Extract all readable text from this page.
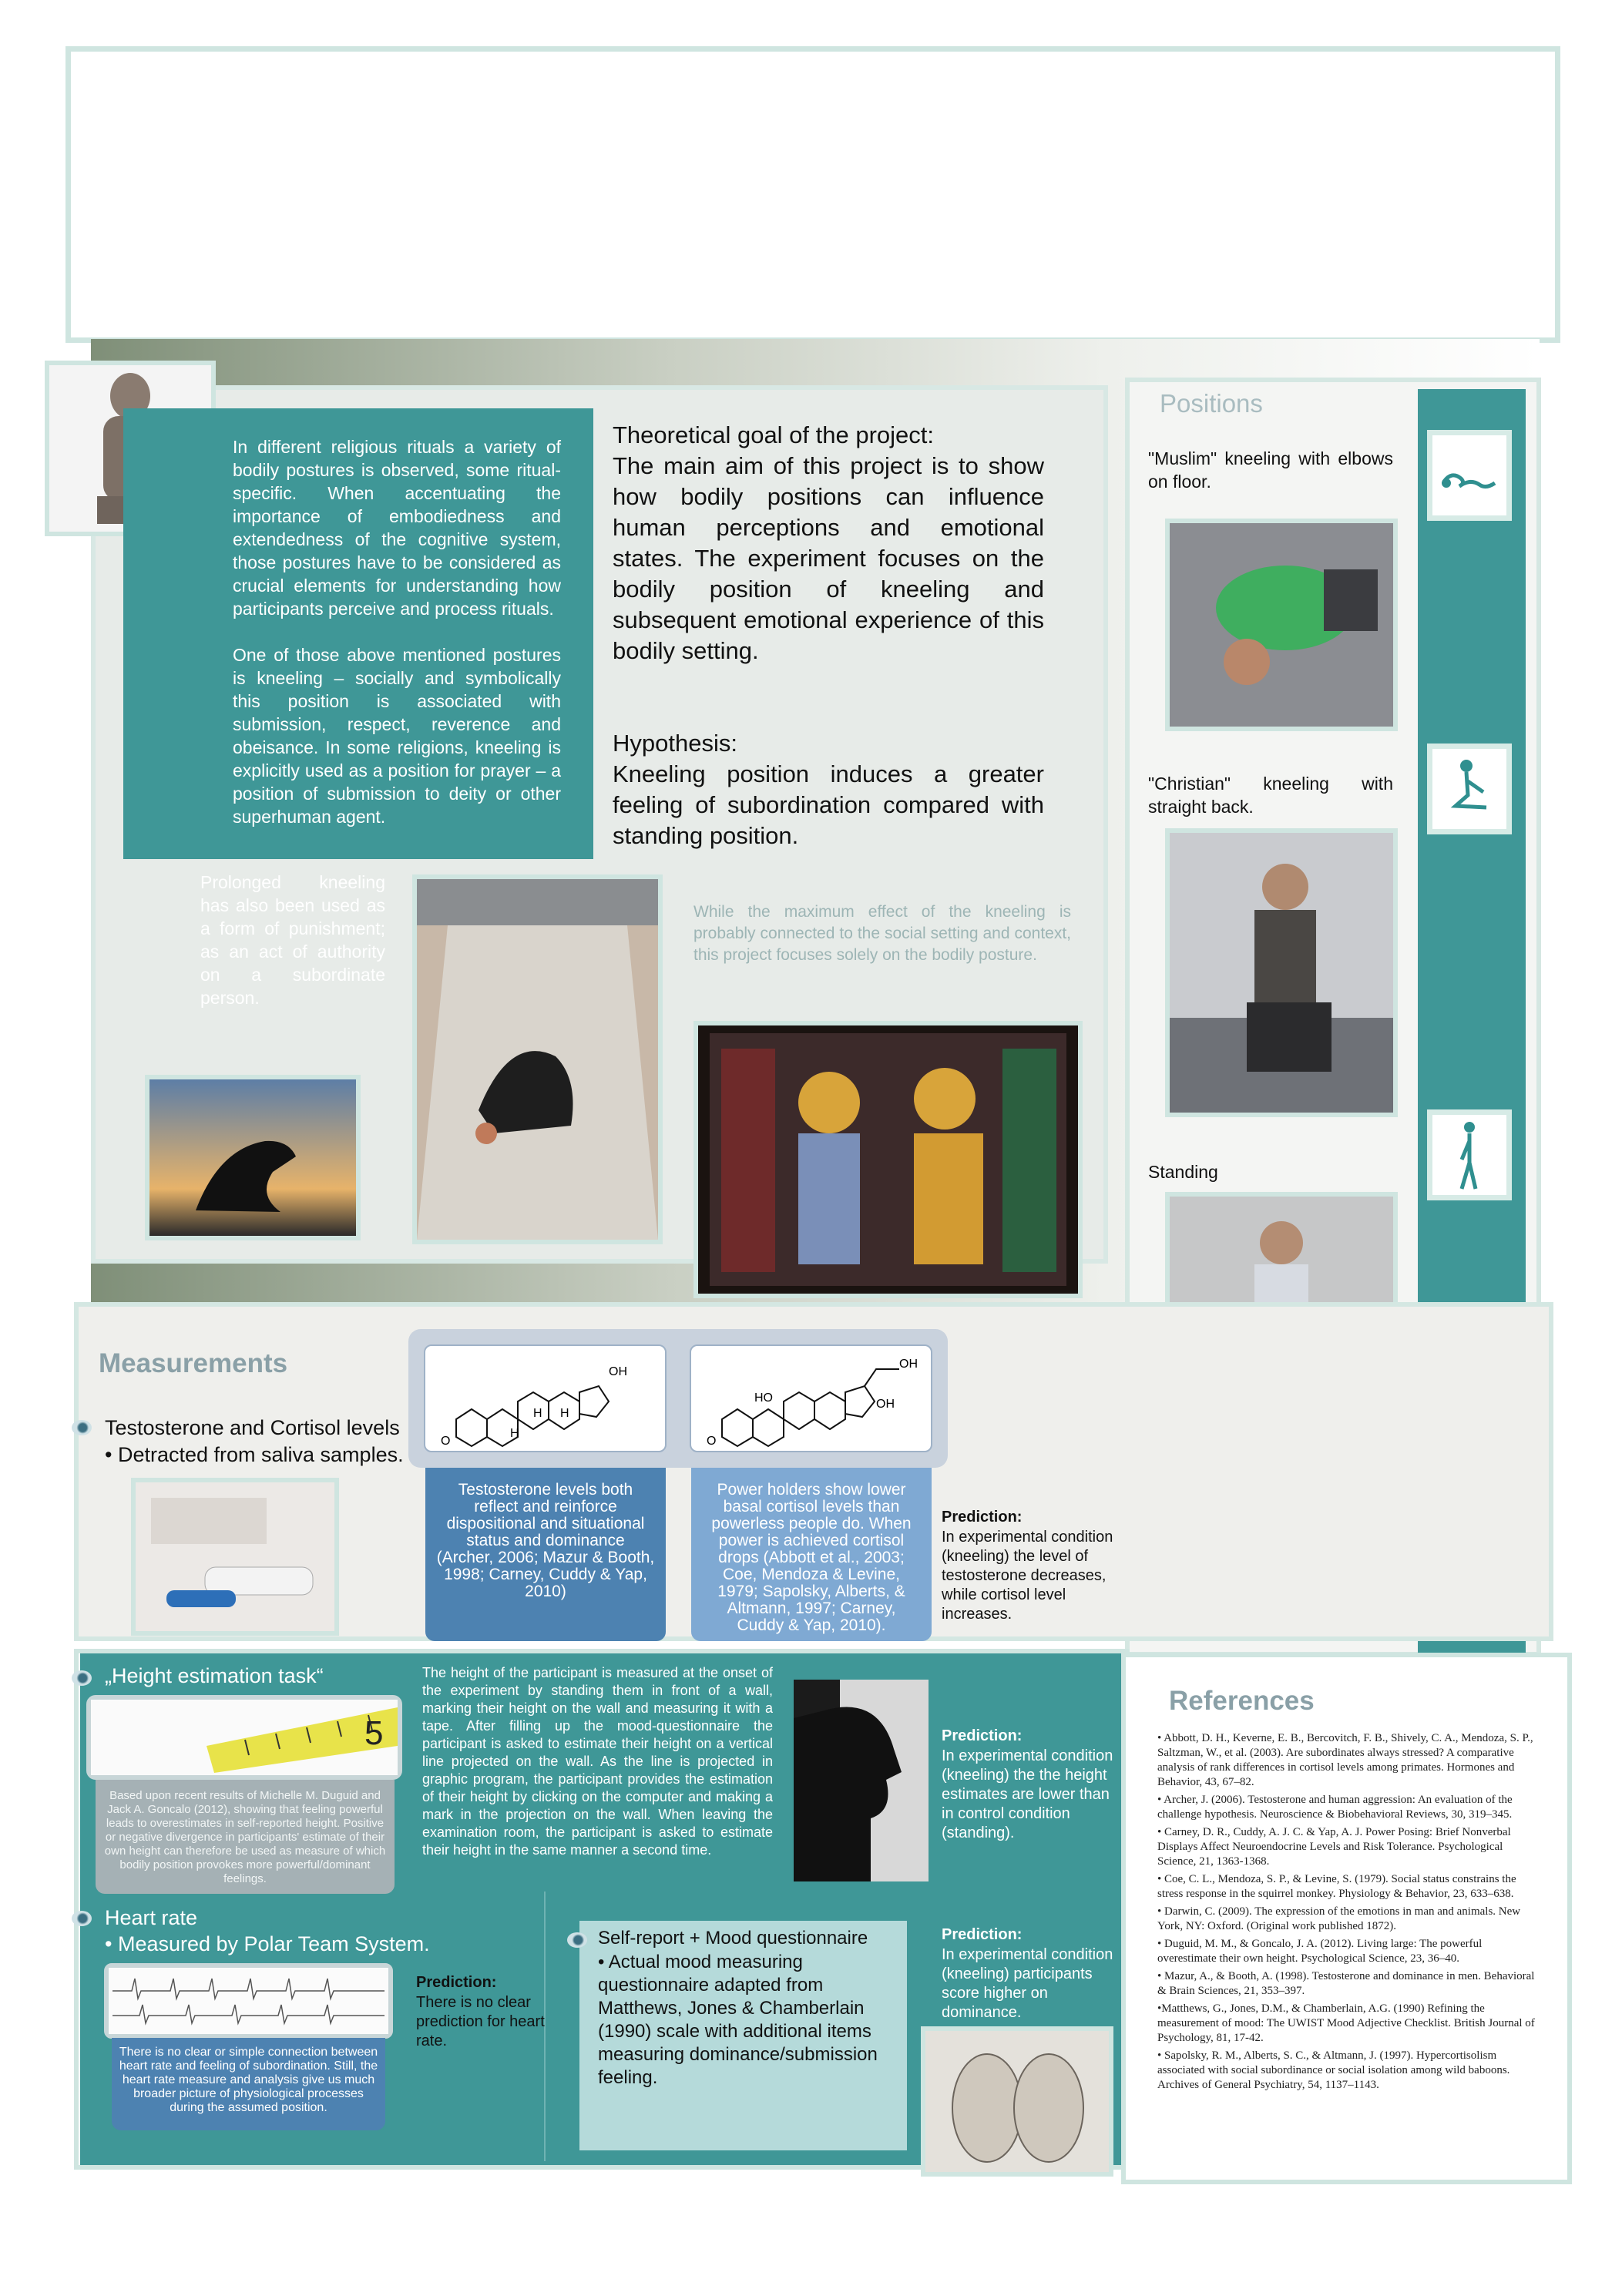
In different religious rituals a variety of bodily postures is observed, some ritual-specific. When accentuating the importance of embodiedness and extendedness of the cognitive system, those postures have to be considered as crucial elements for understanding how participants perceive and process rituals.

One of those above mentioned postures is kneeling – socially and symbolically this position is associated with submission, respect, reverence and obeisance. In some religions, kneeling is explicitly used as a position for prayer – a position of submission to deity or other superhuman agent.

Prolonged kneeling has also been used as a form of punishment; as an act of authority on a subordinate person.

Theoretical goal of the project:
The main aim of this project is to show how bodily positions can influence human perceptions and emotional states. The experiment focuses on the bodily position of kneeling and subsequent emotional experience of this bodily setting.
Hypothesis:
Kneeling position induces a greater feeling of subordination compared with standing position.

While the maximum effect of the kneeling is probably connected to the social setting and context, this project focuses solely on the bodily posture.

Positions
"Muslim" kneeling with elbows on floor.
"Christian" kneeling with straight back.
Standing
Measurements
Testosterone and Cortisol levels
• Detracted from saliva samples.
O
OH
H
H
H
O
OH
HO	OH
Testosterone levels both reflect and reinforce dispositional and situational status and dominance (Archer, 2006; Mazur & Booth, 1998; Carney, Cuddy & Yap, 2010)
Power holders show lower basal cortisol levels than powerless people do. When power is achieved cortisol drops (Abbott et al., 2003; Coe, Mendoza & Levine, 1979; Sapolsky, Alberts, & Altmann, 1997; Carney, Cuddy & Yap, 2010).
Prediction:
In experimental condition (kneeling) the level of testosterone decreases, while cortisol level increases.
„Height estimation task“
5
Based upon recent results of Michelle M. Duguid and Jack A. Goncalo (2012), showing that feeling powerful leads to overestimates in self-reported height. Positive or negative divergence in participants' estimate of their own height can therefore be used as measure of which bodily position provokes more powerful/dominant feelings.

The height of the participant is measured at the onset of the experiment by standing them in front of a wall, marking their height on the wall and measuring it with a tape. After filling up the mood-questionnaire the participant is asked to estimate their height on a vertical line projected on the wall. As the line is projected in graphic program, the participant provides the estimation of their height by clicking on the computer and making a mark in the projection on the wall. When leaving the examination room, the participant is asked to estimate their height in the same manner a second time.

Prediction:
In experimental condition (kneeling) the the height estimates are lower than in control condition (standing).
Heart rate
• Measured by Polar Team System.
There is no clear or simple connection between heart rate and feeling of subordination. Still, the heart rate measure and analysis give us much broader picture of physiological processes during the assumed position.
Prediction:
There is no clear prediction for heart rate.
Self-report + Mood questionnaire
• Actual mood measuring questionnaire adapted from Matthews, Jones & Chamberlain (1990) scale with additional items measuring dominance/submission feeling.
Prediction:
In experimental condition (kneeling) participants score higher on dominance.
References

• Abbott, D. H., Keverne, E. B., Bercovitch, F. B., Shively, C. A., Mendoza, S. P., Saltzman, W., et al. (2003). Are subordinates always stressed? A comparative analysis of rank differences in cortisol levels among primates. Hormones and Behavior, 43, 67–82.

• Archer, J. (2006). Testosterone and human aggression: An evaluation of the challenge hypothesis. Neuroscience & Biobehavioral Reviews, 30, 319–345.

• Carney, D. R., Cuddy, A. J. C. & Yap, A. J. Power Posing: Brief Nonverbal Displays Affect Neuroendocrine Levels and Risk Tolerance. Psychological Science, 21, 1363-1368.

• Coe, C. L., Mendoza, S. P., & Levine, S. (1979). Social status constrains the stress response in the squirrel monkey. Physiology & Behavior, 23, 633–638.

• Darwin, C. (2009). The expression of the emotions in man and animals. New York, NY: Oxford. (Original work published 1872).

• Duguid, M. M., & Goncalo, J. A. (2012). Living large: The powerful overestimate their own height. Psychological Science, 23, 36–40.

• Mazur, A., & Booth, A. (1998). Testosterone and dominance in men. Behavioral & Brain Sciences, 21, 353–397.

•Matthews, G., Jones, D.M., & Chamberlain, A.G. (1990) Refining the measurement of mood: The UWIST Mood Adjective Checklist. British Journal of Psychology, 81, 17-42.

• Sapolsky, R. M., Alberts, S. C., & Altmann, J. (1997). Hypercortisolism associated with social subordinance or social isolation among wild baboons. Archives of General Psychiatry, 54, 1137–1143.
